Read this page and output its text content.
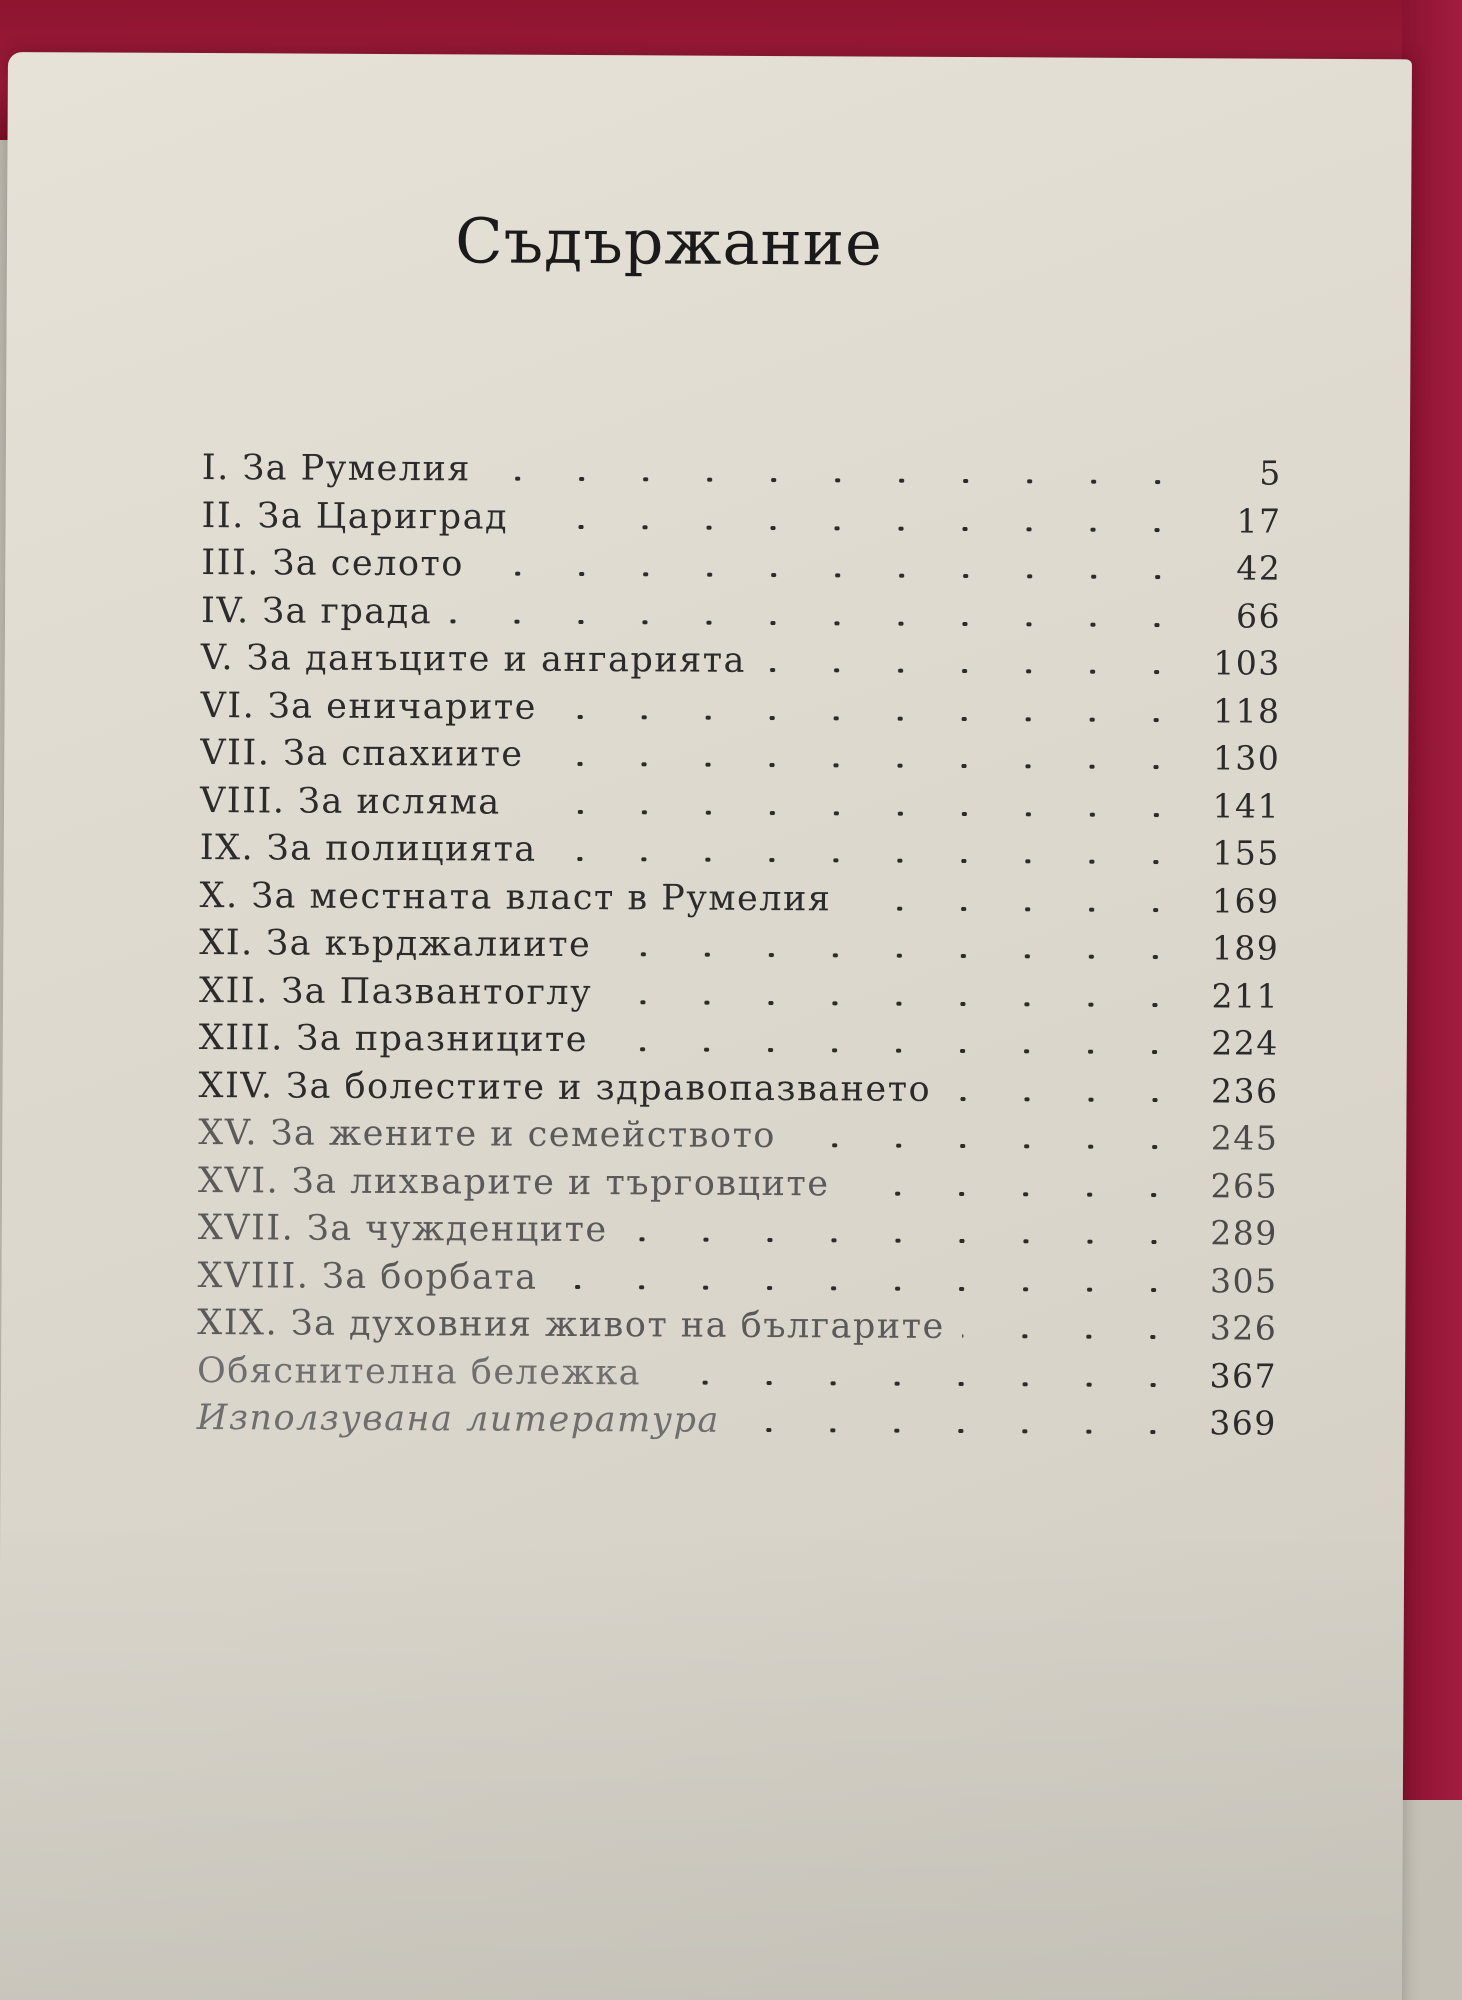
Съдържание
I. За Румелия	5
II. За Цариград	17
III. За селото	42
IV. За града	66
V. За данъците и ангарията	103
VI. За еничарите	118
VII. За спахиите	130
VIII. За исляма	141
IX. За полицията	155
X. За местната власт в Румелия	169
XI. За кърджалиите	189
XII. За Пазвантоглу	211
XIII. За празниците	224
XIV. За болестите и здравопазването	236
XV. За жените и семейството	245
XVI. За лихварите и търговците	265
XVII. За чужденците	289
XVIII. За борбата	305
XIX. За духовния живот на българите	326
Обяснителна бележка	367
Използувана литература	369
